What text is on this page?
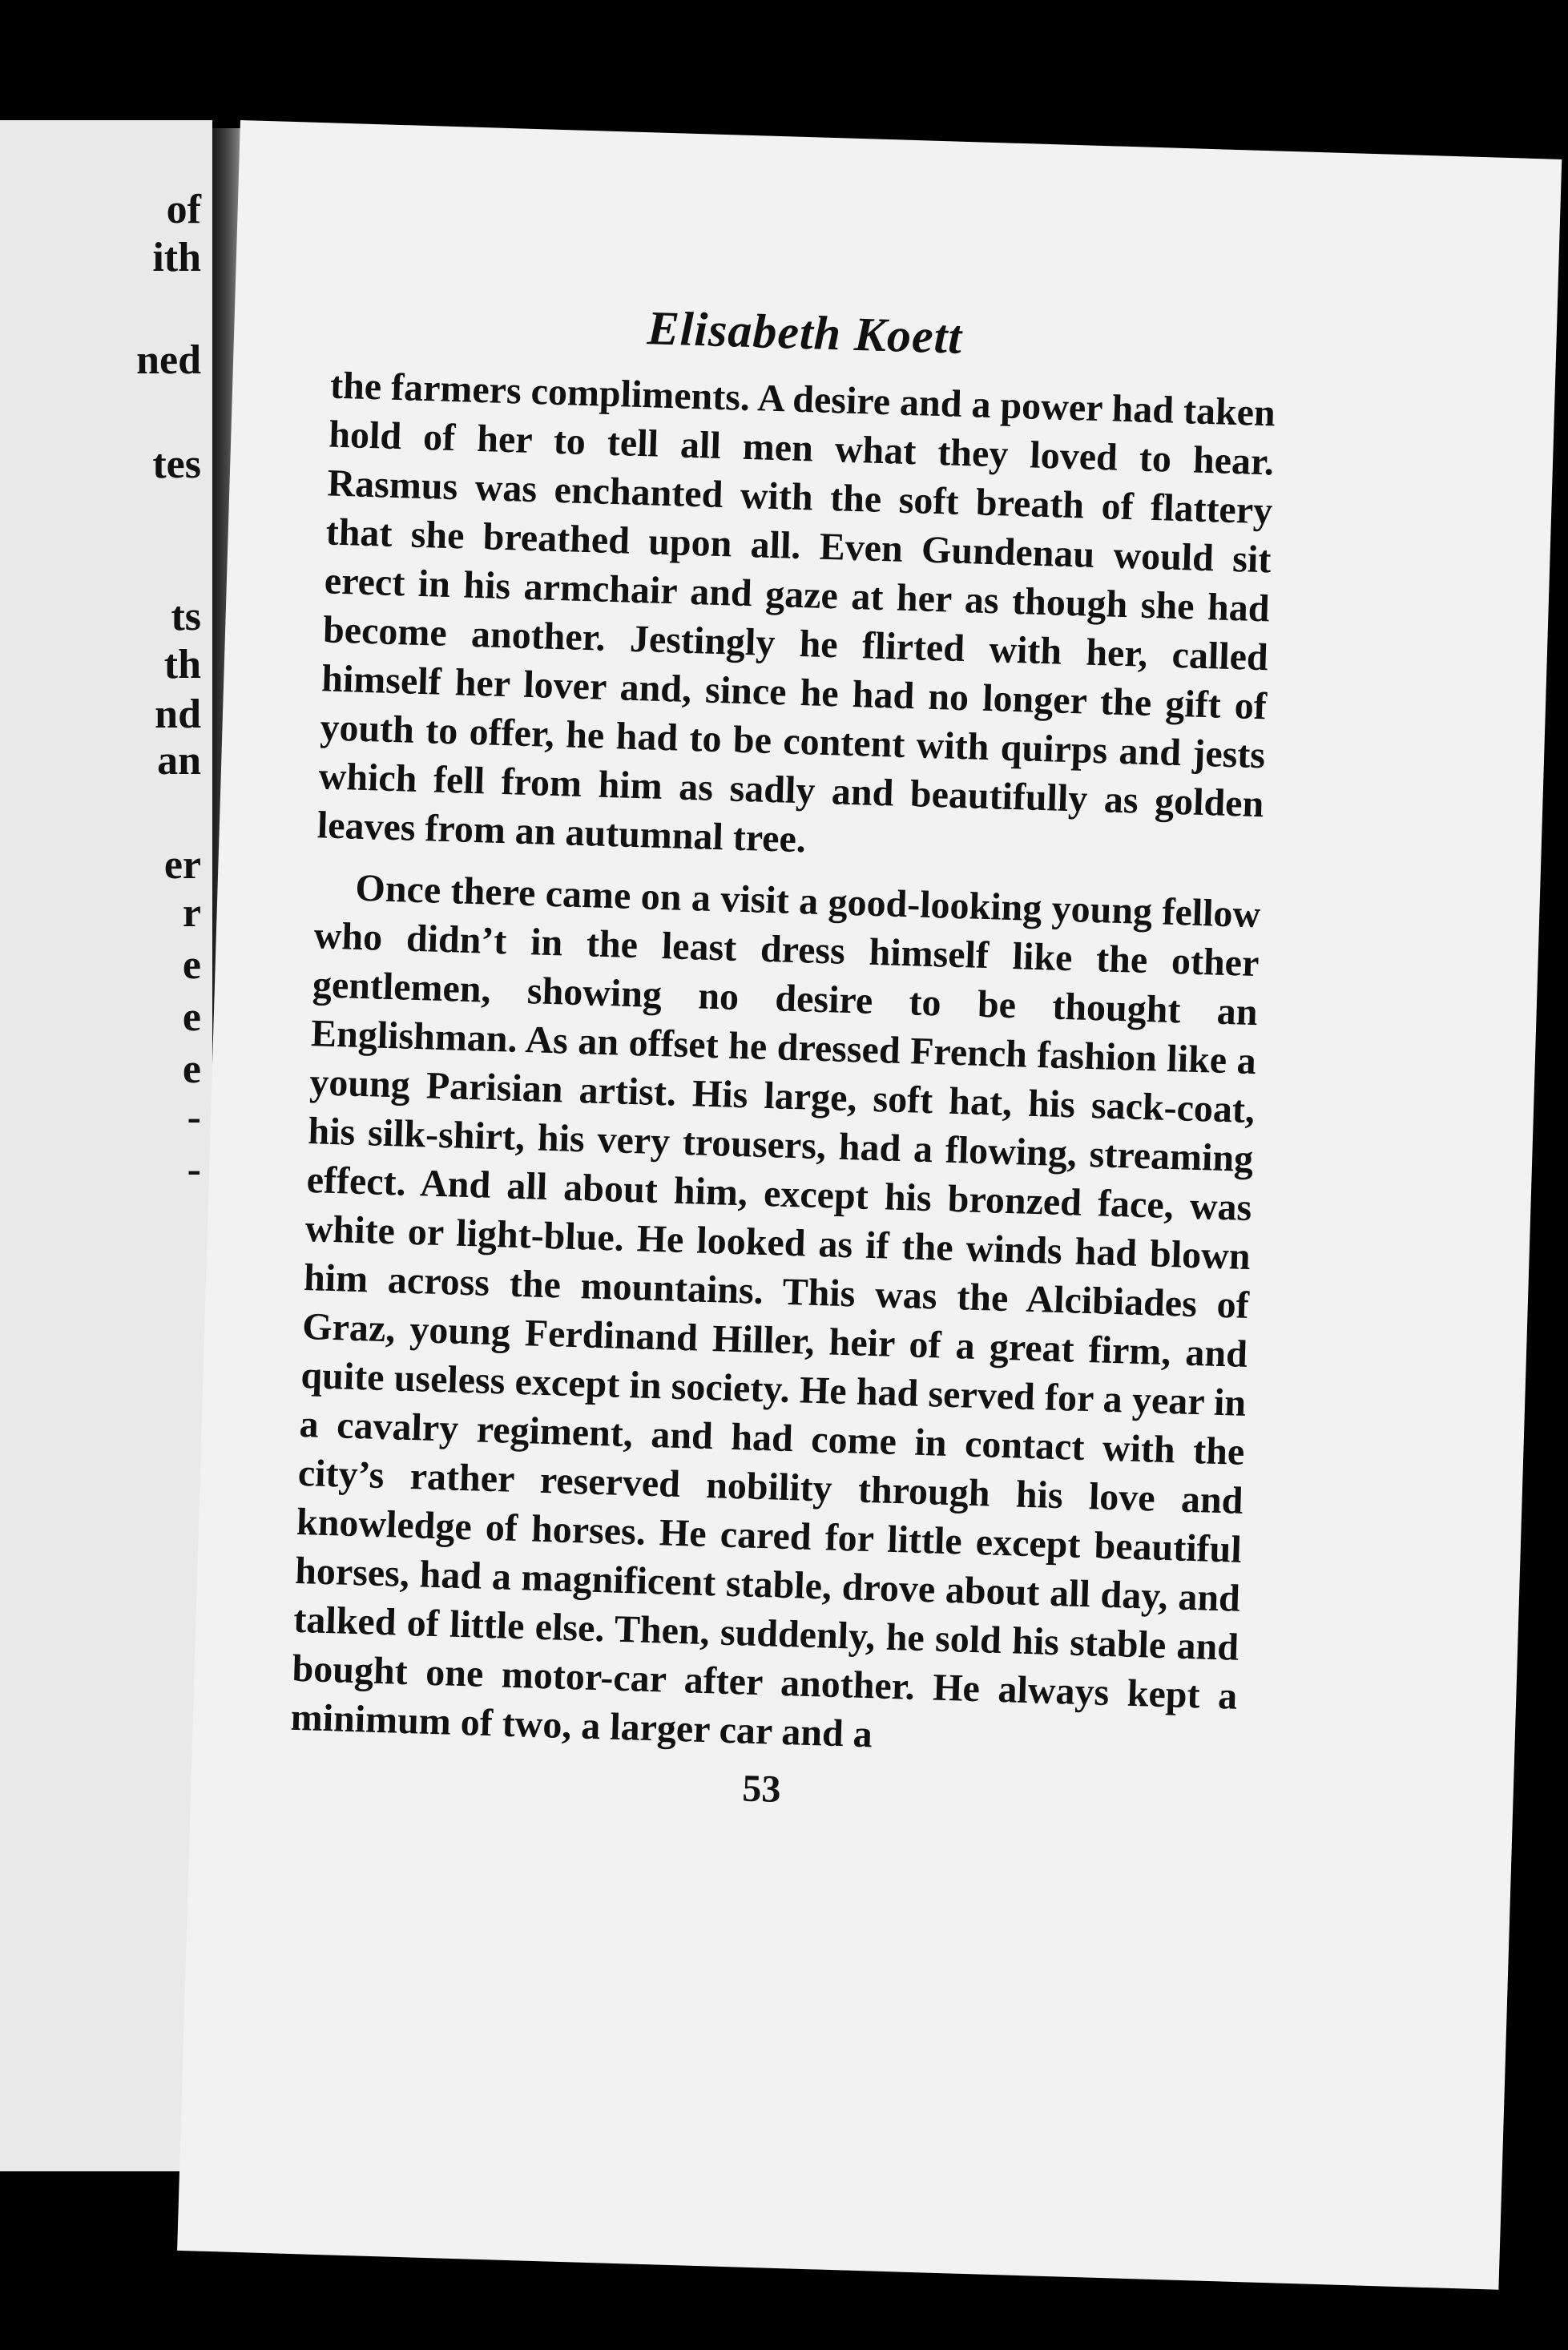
of
ith
ned
tes
ts
th
nd
an
er
r
e
e
e
-
-
Elisabeth Koett

the farmers compliments. A desire and a power had taken hold of her to tell all men what they loved to hear. Rasmus was enchanted with the soft breath of flattery that she breathed upon all. Even Gundenau would sit erect in his armchair and gaze at her as though she had become another. Jestingly he flirted with her, called himself her lover and, since he had no longer the gift of youth to offer, he had to be content with quirps and jests which fell from him as sadly and beautifully as golden leaves from an autumnal tree.

Once there came on a visit a good-looking young fellow who didn’t in the least dress himself like the other gentlemen, showing no desire to be thought an Englishman. As an offset he dressed French fashion like a young Parisian artist. His large, soft hat, his sack-coat, his silk-shirt, his very trousers, had a flowing, streaming effect. And all about him, except his bronzed face, was white or light-blue. He looked as if the winds had blown him across the mountains. This was the Alcibiades of Graz, young Ferdinand Hiller, heir of a great firm, and quite useless except in society. He had served for a year in a cavalry regiment, and had come in contact with the city’s rather reserved nobility through his love and knowledge of horses. He cared for little except beautiful horses, had a magnificent stable, drove about all day, and talked of little else. Then, suddenly, he sold his stable and bought one motor-car after another. He always kept a minimum of two, a larger car and a

53
